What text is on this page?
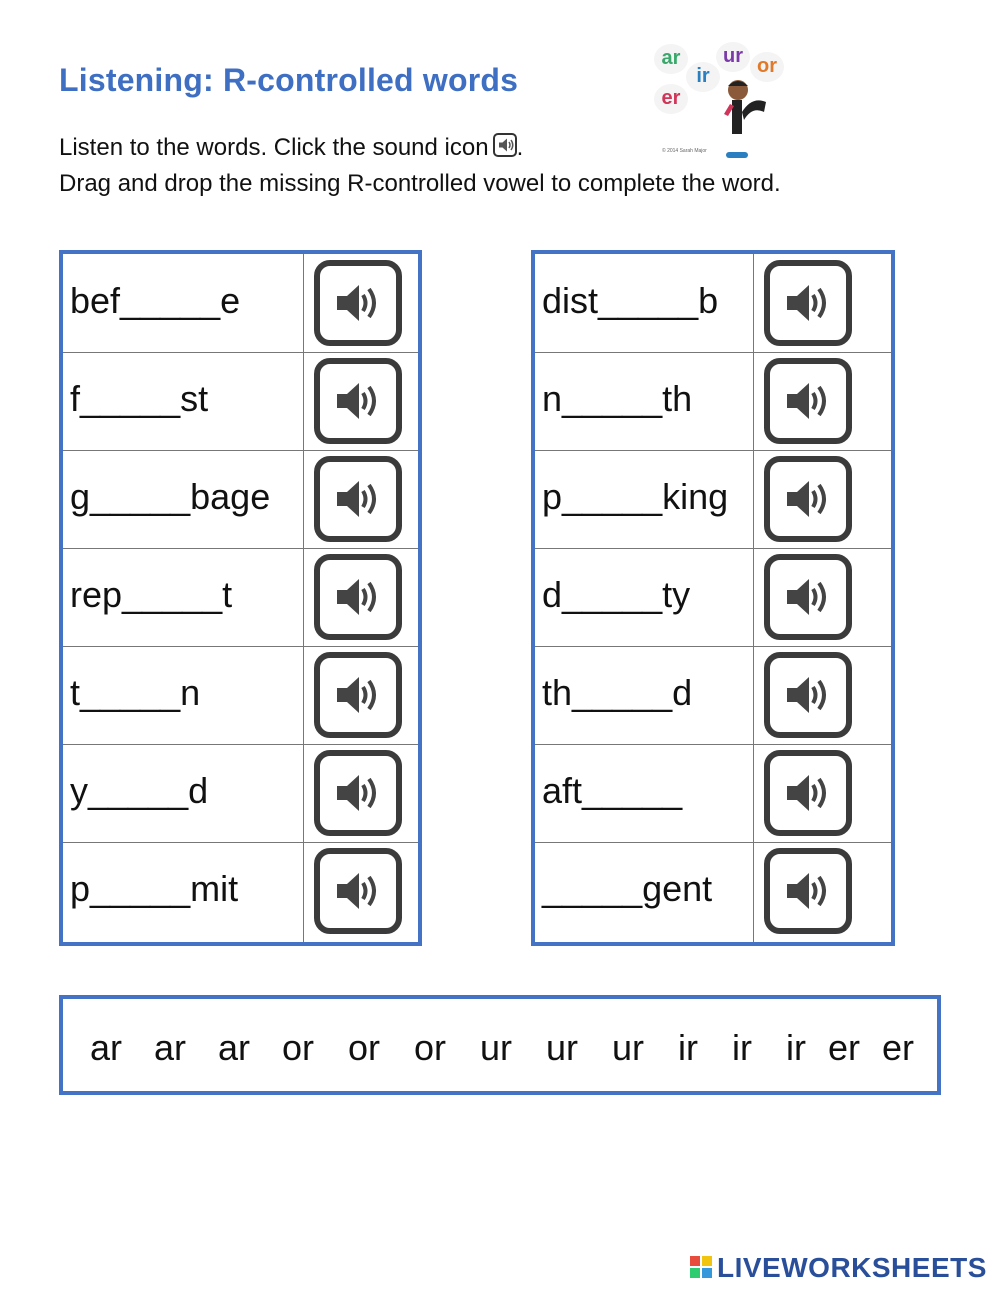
Listening: R-controlled words
Listen to the words. Click the sound icon .
Drag and drop the missing R-controlled vowel to complete the word.
ar
ir
ur or
er
© 2014 Sarah Major
bef_____e
f_____st
g_____bage
rep_____t
t_____n
y_____d
p_____mit
dist_____b
n_____th
p_____king
d_____ty
th_____d
aft_____
_____gent
ar ar ar or or or ur ur ur ir ir ir er er
LIVEWORKSHEETS
